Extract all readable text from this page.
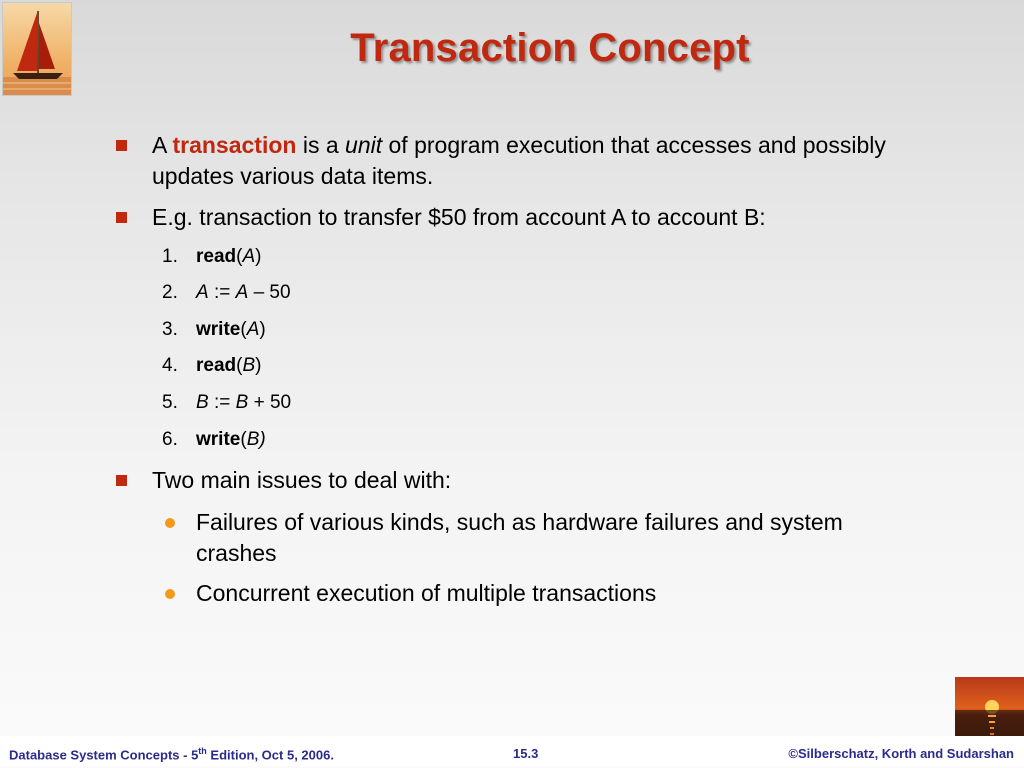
Transaction Concept
A transaction is a unit of program execution that accesses and possibly updates various data items.
E.g. transaction to transfer $50 from account A to account B:
1. read(A)
2. A := A – 50
3. write(A)
4. read(B)
5. B := B + 50
6. write(B)
Two main issues to deal with:
Failures of various kinds, such as hardware failures and system crashes
Concurrent execution of multiple transactions
Database System Concepts - 5th Edition, Oct 5, 2006.	15.3	©Silberschatz, Korth and Sudarshan
